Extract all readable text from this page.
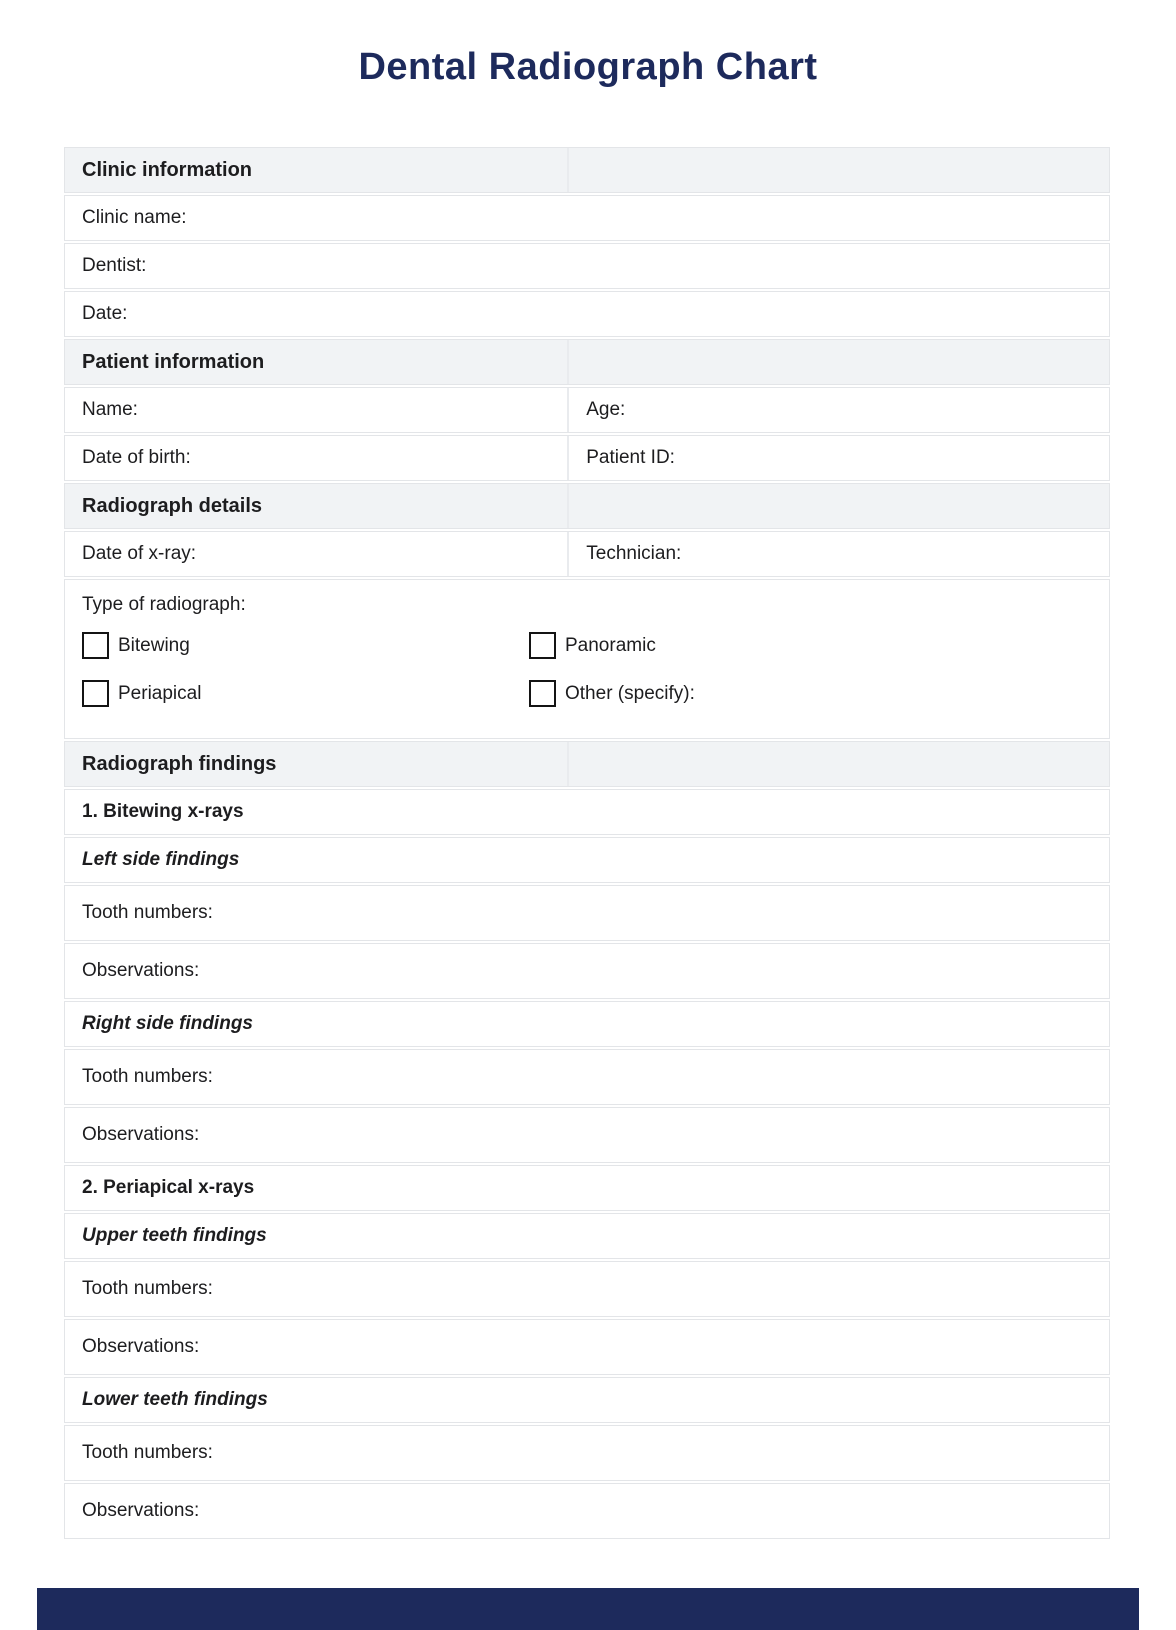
Dental Radiograph Chart
Clinic information
Clinic name:
Dentist:
Date:
Patient information
Name:	Age:
Date of birth:	Patient ID:
Radiograph details
Date of x-ray:	Technician:
Type of radiograph:
Bitewing	Panoramic
Periapical	Other (specify):
Radiograph findings
1. Bitewing x-rays
Left side findings
Tooth numbers:
Observations:
Right side findings
Tooth numbers:
Observations:
2. Periapical x-rays
Upper teeth findings
Tooth numbers:
Observations:
Lower teeth findings
Tooth numbers:
Observations:
